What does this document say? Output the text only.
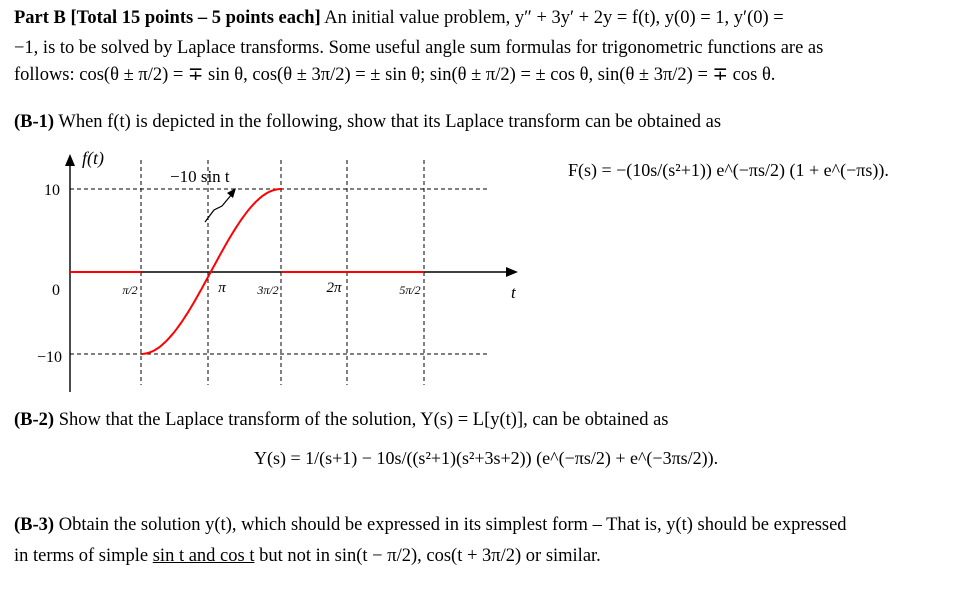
Part B [Total 15 points – 5 points each] An initial value problem, y″ + 3y′ + 2y = f(t), y(0) = 1, y′(0) =
−1, is to be solved by Laplace transforms. Some useful angle sum formulas for trigonometric functions are as
follows: cos(θ ± π/2) = ∓ sin θ, cos(θ ± 3π/2) = ± sin θ; sin(θ ± π/2) = ± cos θ, sin(θ ± 3π/2) = ∓ cos θ.
(B-1) When f(t) is depicted in the following, show that its Laplace transform can be obtained as
F(s) = −(10s/(s²+1)) e^(−πs/2) (1 + e^(−πs)).
f(t)
−10 sin t
t
10
0
−10
π/2	π	3π/2	2π	5π/2
(B-2) Show that the Laplace transform of the solution, Y(s) = L[y(t)], can be obtained as
Y(s) = 1/(s+1) − 10s/((s²+1)(s²+3s+2)) (e^(−πs/2) + e^(−3πs/2)).
(B-3) Obtain the solution y(t), which should be expressed in its simplest form – That is, y(t) should be expressed
in terms of simple sin t and cos t but not in sin(t − π/2), cos(t + 3π/2) or similar.
